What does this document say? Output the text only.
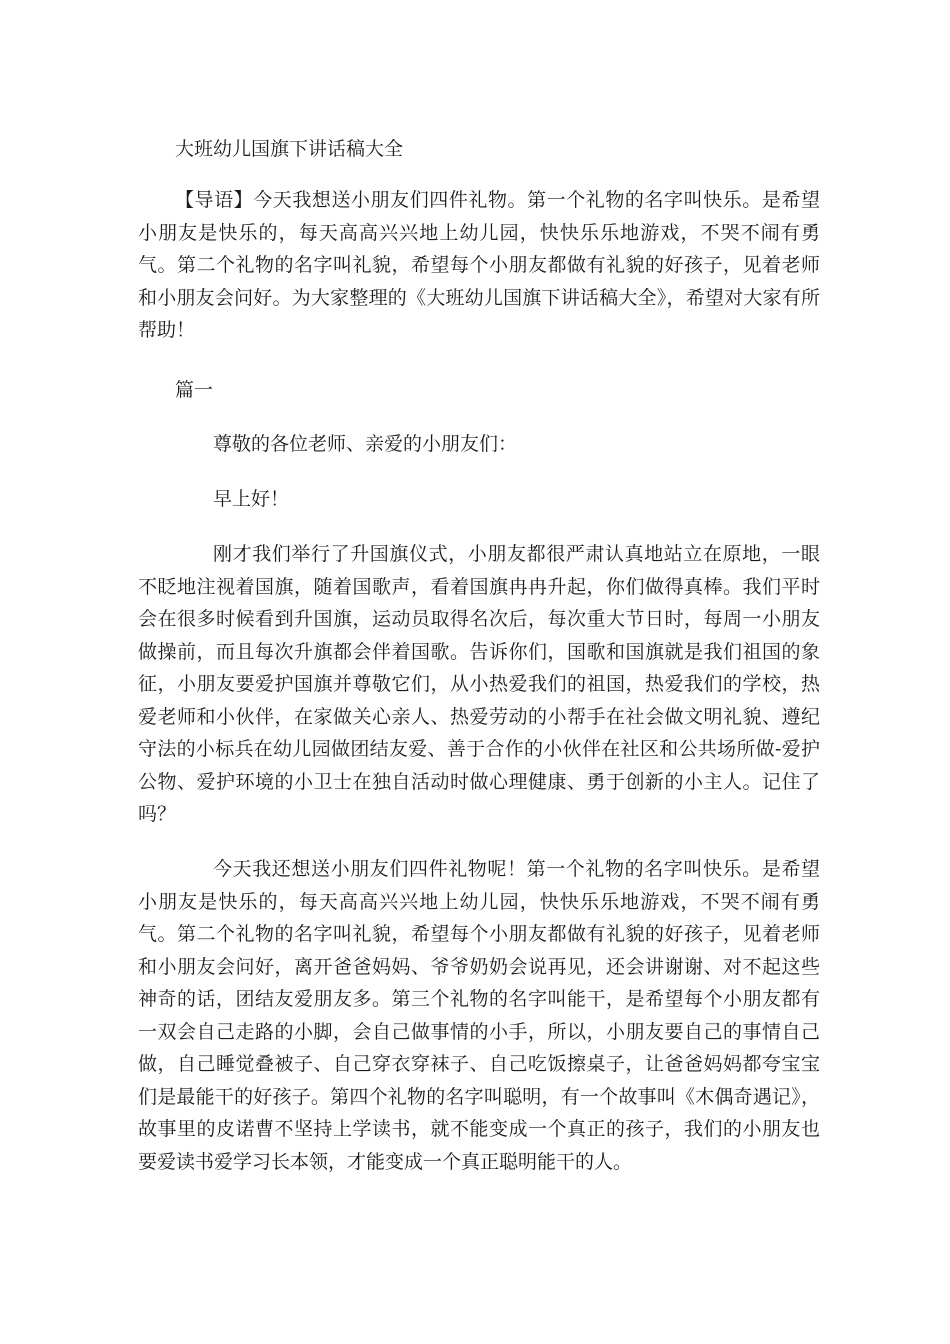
大班幼儿国旗下讲话稿大全

【导语】今天我想送小朋友们四件礼物。第一个礼物的名字叫快乐。是希望小朋友是快乐的，每天高高兴兴地上幼儿园，快快乐乐地游戏，不哭不闹有勇气。第二个礼物的名字叫礼貌，希望每个小朋友都做有礼貌的好孩子，见着老师和小朋友会问好。为大家整理的《大班幼儿国旗下讲话稿大全》，希望对大家有所帮助！

篇一
尊敬的各位老师、亲爱的小朋友们：
早上好！

刚才我们举行了升国旗仪式，小朋友都很严肃认真地站立在原地，一眼不眨地注视着国旗，随着国歌声，看着国旗冉冉升起，你们做得真棒。我们平时会在很多时候看到升国旗，运动员取得名次后，每次重大节日时，每周一小朋友做操前，而且每次升旗都会伴着国歌。告诉你们，国歌和国旗就是我们祖国的象征，小朋友要爱护国旗并尊敬它们，从小热爱我们的祖国，热爱我们的学校，热爱老师和小伙伴，在家做关心亲人、热爱劳动的小帮手在社会做文明礼貌、遵纪守法的小标兵在幼儿园做团结友爱、善于合作的小伙伴在社区和公共场所做-爱护公物、爱护环境的小卫士在独自活动时做心理健康、勇于创新的小主人。记住了吗？

今天我还想送小朋友们四件礼物呢！第一个礼物的名字叫快乐。是希望小朋友是快乐的，每天高高兴兴地上幼儿园，快快乐乐地游戏，不哭不闹有勇气。第二个礼物的名字叫礼貌，希望每个小朋友都做有礼貌的好孩子，见着老师和小朋友会问好，离开爸爸妈妈、爷爷奶奶会说再见，还会讲谢谢、对不起这些神奇的话，团结友爱朋友多。第三个礼物的名字叫能干，是希望每个小朋友都有一双会自己走路的小脚，会自己做事情的小手，所以，小朋友要自己的事情自己做，自己睡觉叠被子、自己穿衣穿袜子、自己吃饭擦桌子，让爸爸妈妈都夸宝宝们是最能干的好孩子。第四个礼物的名字叫聪明，有一个故事叫《木偶奇遇记》，故事里的皮诺曹不坚持上学读书，就不能变成一个真正的孩子，我们的小朋友也要爱读书爱学习长本领，才能变成一个真正聪明能干的人。
